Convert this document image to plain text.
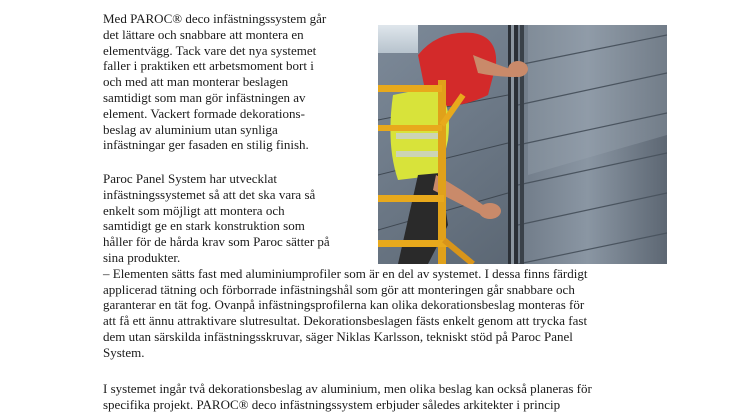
Med PAROC® deco infästningssystem går
det lättare och snabbare att montera en
elementvägg. Tack vare det nya systemet
faller i praktiken ett arbetsmoment bort i
och med att man monterar beslagen
samtidigt som man gör infästningen av
element. Vackert formade dekorations-
beslag av aluminium utan synliga
infästningar ger fasaden en stilig finish.

Paroc Panel System har utvecklat
infästningssystemet så att det ska vara så
enkelt som möjligt att montera och
samtidigt ge en stark konstruktion som
håller för de hårda krav som Paroc sätter på
sina produkter.
– Elementen sätts fast med aluminiumprofiler som är en del av systemet. I dessa finns färdigt
applicerad tätning och förborrade infästningshål som gör att monteringen går snabbare och
garanterar en tät fog. Ovanpå infästningsprofilerna kan olika dekorationsbeslag monteras för
att få ett ännu attraktivare slutresultat. Dekorationsbeslagen fästs enkelt genom att trycka fast
dem utan särskilda infästningsskruvar, säger Niklas Karlsson, tekniskt stöd på Paroc Panel
System.

I systemet ingår två dekorationsbeslag av aluminium, men olika beslag kan också planeras för
specifika projekt. PAROC® deco infästningssystem erbjuder således arkitekter i princip
